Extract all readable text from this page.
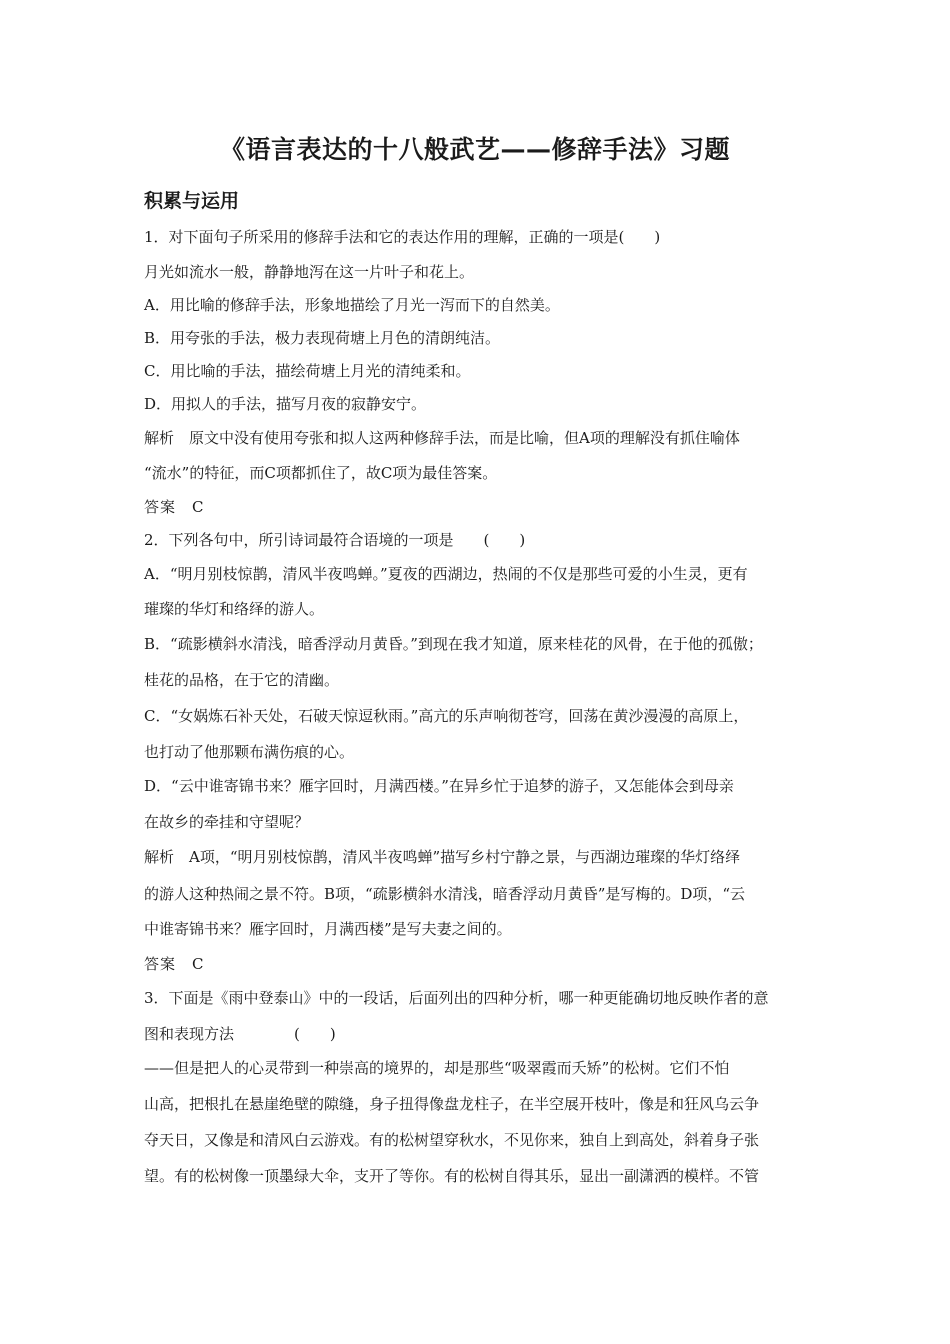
《语言表达的十八般武艺——修辞手法》习题
积累与运用
1．对下面句子所采用的修辞手法和它的表达作用的理解，正确的一项是(　　)
月光如流水一般，静静地泻在这一片叶子和花上。
A．用比喻的修辞手法，形象地描绘了月光一泻而下的自然美。
B．用夸张的手法，极力表现荷塘上月色的清朗纯洁。
C．用比喻的手法，描绘荷塘上月光的清纯柔和。
D．用拟人的手法，描写月夜的寂静安宁。
解析　原文中没有使用夸张和拟人这两种修辞手法，而是比喻，但A项的理解没有抓住喻体
“流水”的特征，而C项都抓住了，故C项为最佳答案。
答案　C
2．下列各句中，所引诗词最符合语境的一项是　　(　　)
A．“明月别枝惊鹊，清风半夜鸣蝉。”夏夜的西湖边，热闹的不仅是那些可爱的小生灵，更有
璀璨的华灯和络绎的游人。
B．“疏影横斜水清浅，暗香浮动月黄昏。”到现在我才知道，原来桂花的风骨，在于他的孤傲；
桂花的品格，在于它的清幽。
C．“女娲炼石补天处，石破天惊逗秋雨。”高亢的乐声响彻苍穹，回荡在黄沙漫漫的高原上，
也打动了他那颗布满伤痕的心。
D．“云中谁寄锦书来？雁字回时，月满西楼。”在异乡忙于追梦的游子，又怎能体会到母亲
在故乡的牵挂和守望呢？
解析　A项，“明月别枝惊鹊，清风半夜鸣蝉”描写乡村宁静之景，与西湖边璀璨的华灯络绎
的游人这种热闹之景不符。B项，“疏影横斜水清浅，暗香浮动月黄昏”是写梅的。D项，“云
中谁寄锦书来？雁字回时，月满西楼”是写夫妻之间的。
答案　C
3．下面是《雨中登泰山》中的一段话，后面列出的四种分析，哪一种更能确切地反映作者的意
图和表现方法　　　　(　　)
——但是把人的心灵带到一种崇高的境界的，却是那些“吸翠霞而夭矫”的松树。它们不怕
山高，把根扎在悬崖绝壁的隙缝，身子扭得像盘龙柱子，在半空展开枝叶，像是和狂风乌云争
夺天日，又像是和清风白云游戏。有的松树望穿秋水，不见你来，独自上到高处，斜着身子张
望。有的松树像一顶墨绿大伞，支开了等你。有的松树自得其乐，显出一副潇洒的模样。不管
